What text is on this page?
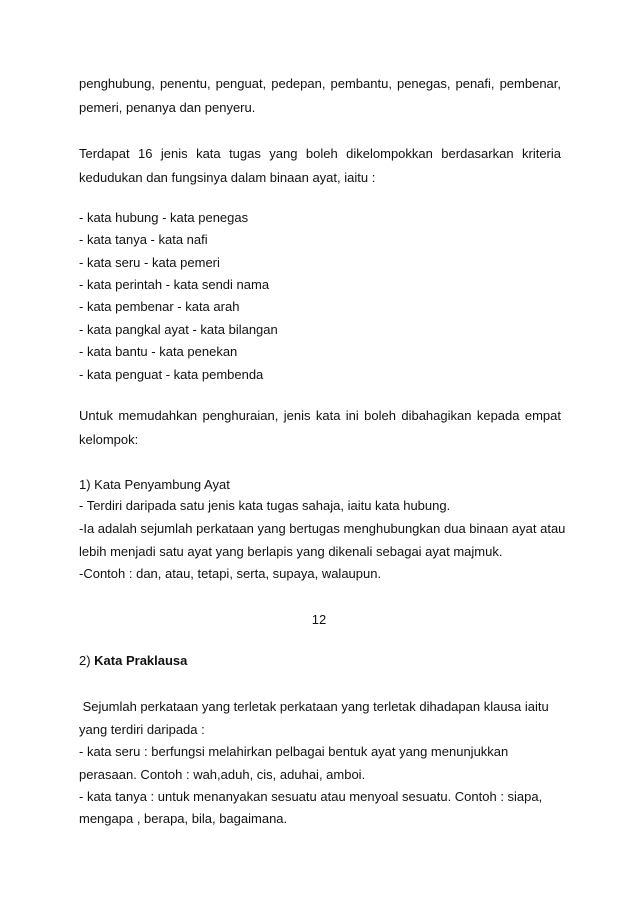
penghubung, penentu, penguat, pedepan, pembantu, penegas, penafi, pembenar,

pemeri, penanya dan penyeru.

Terdapat 16 jenis kata tugas yang boleh dikelompokkan berdasarkan kriteria

kedudukan dan fungsinya dalam binaan ayat, iaitu :

- kata hubung - kata penegas

- kata tanya - kata nafi

- kata seru - kata pemeri

- kata perintah - kata sendi nama

- kata pembenar - kata arah

- kata pangkal ayat - kata bilangan

- kata bantu - kata penekan

- kata penguat - kata pembenda

Untuk memudahkan penghuraian, jenis kata ini boleh dibahagikan kepada empat

kelompok:

1) Kata Penyambung Ayat

- Terdiri daripada satu jenis kata tugas sahaja, iaitu kata hubung.

-Ia adalah sejumlah perkataan yang bertugas menghubungkan dua binaan ayat atau

lebih menjadi satu ayat yang berlapis yang dikenali sebagai ayat majmuk.

-Contoh : dan, atau, tetapi, serta, supaya, walaupun.

12

2) Kata Praklausa

Sejumlah perkataan yang terletak perkataan yang terletak dihadapan klausa iaitu

yang terdiri daripada :

- kata seru : berfungsi melahirkan pelbagai bentuk ayat yang menunjukkan

perasaan. Contoh : wah,aduh, cis, aduhai, amboi.

- kata tanya : untuk menanyakan sesuatu atau menyoal sesuatu. Contoh : siapa,

mengapa , berapa, bila, bagaimana.
